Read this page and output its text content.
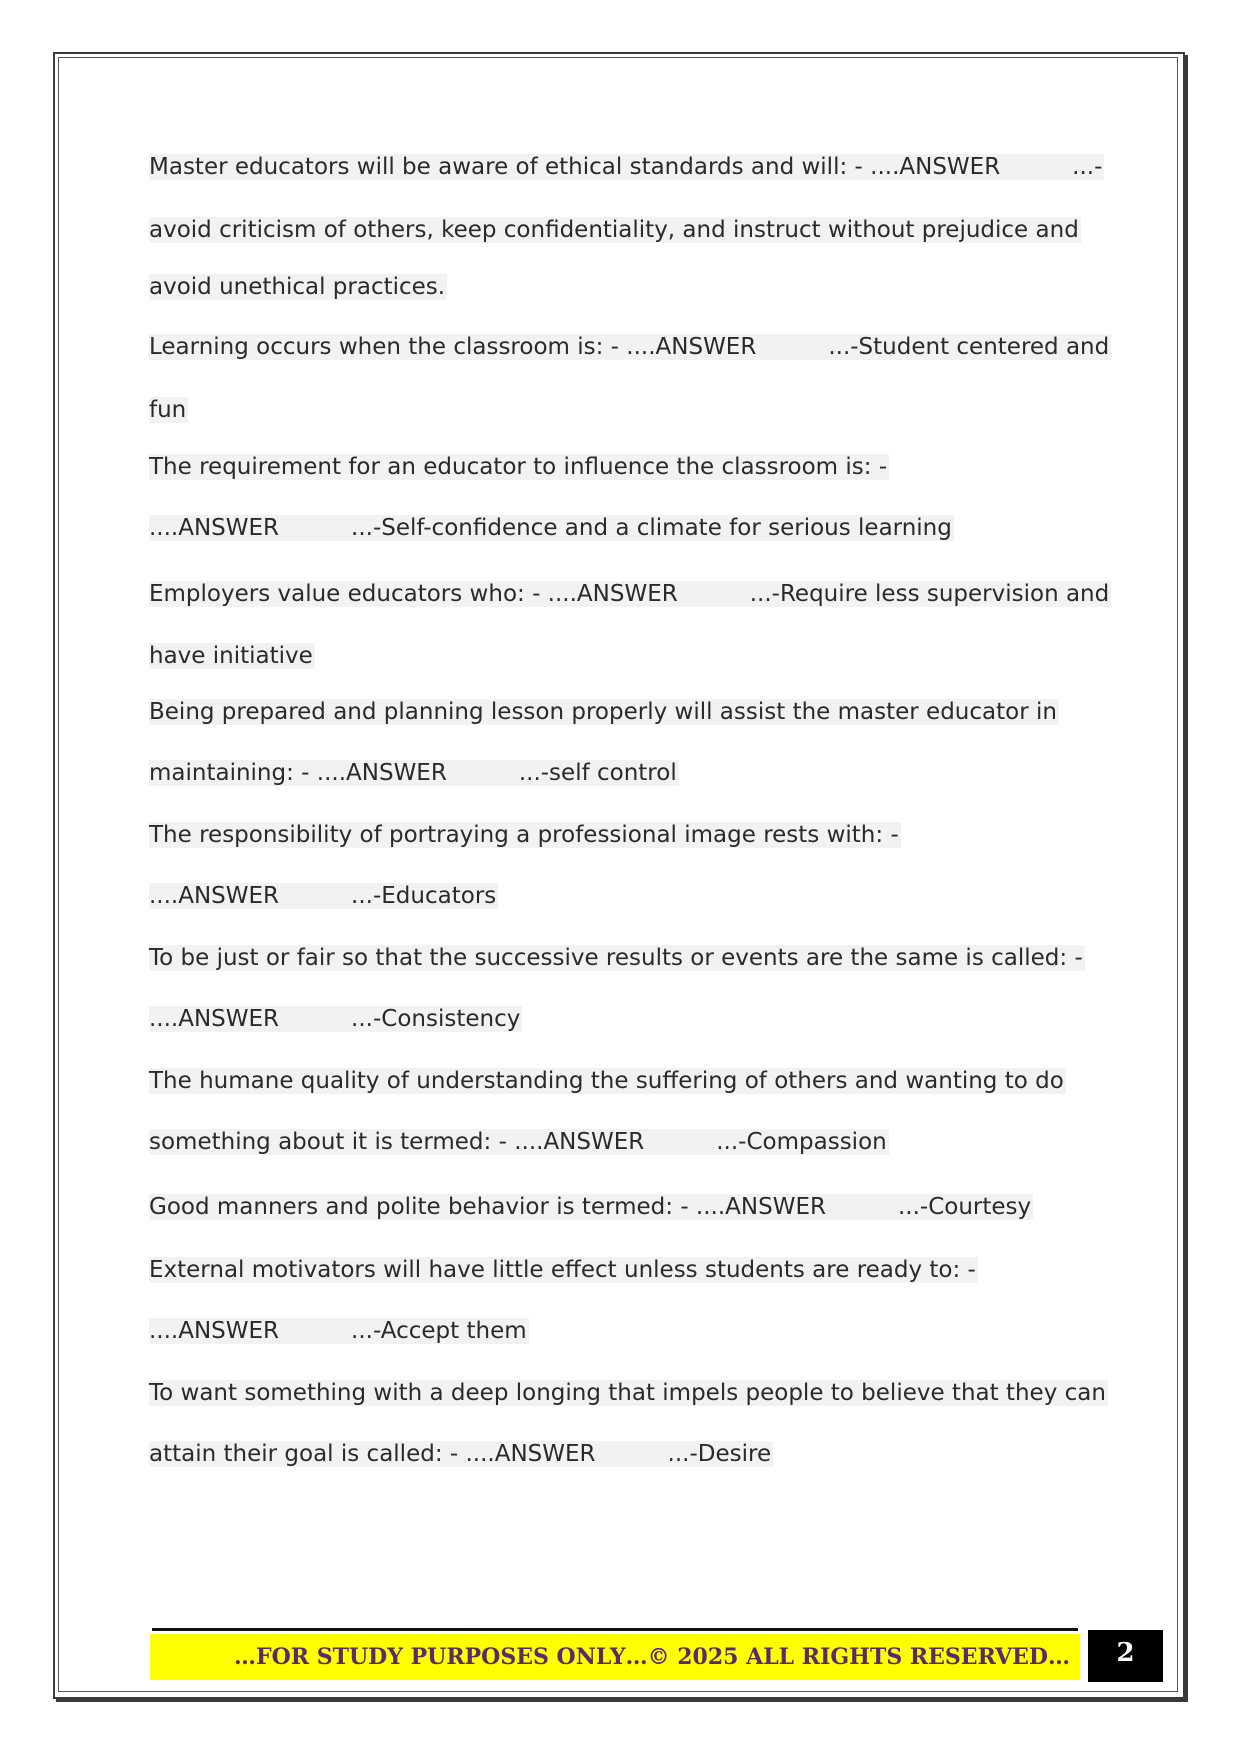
Master educators will be aware of ethical standards and will: - ....ANSWER	...-
avoid criticism of others, keep confidentiality, and instruct without prejudice and
avoid unethical practices.
Learning occurs when the classroom is: - ....ANSWER	...-Student centered and
fun
The requirement for an educator to influence the classroom is: -
....ANSWER	...-Self-confidence and a climate for serious learning
Employers value educators who: - ....ANSWER	...-Require less supervision and
have initiative
Being prepared and planning lesson properly will assist the master educator in
maintaining: - ....ANSWER	...-self control
The responsibility of portraying a professional image rests with: -
....ANSWER	...-Educators
To be just or fair so that the successive results or events are the same is called: -
....ANSWER	...-Consistency
The humane quality of understanding the suffering of others and wanting to do
something about it is termed: - ....ANSWER	...-Compassion
Good manners and polite behavior is termed: - ....ANSWER	...-Courtesy
External motivators will have little effect unless students are ready to: -
....ANSWER	...-Accept them
To want something with a deep longing that impels people to believe that they can
attain their goal is called: - ....ANSWER	...-Desire
…FOR STUDY PURPOSES ONLY…© 2025 ALL RIGHTS RESERVED…	2
